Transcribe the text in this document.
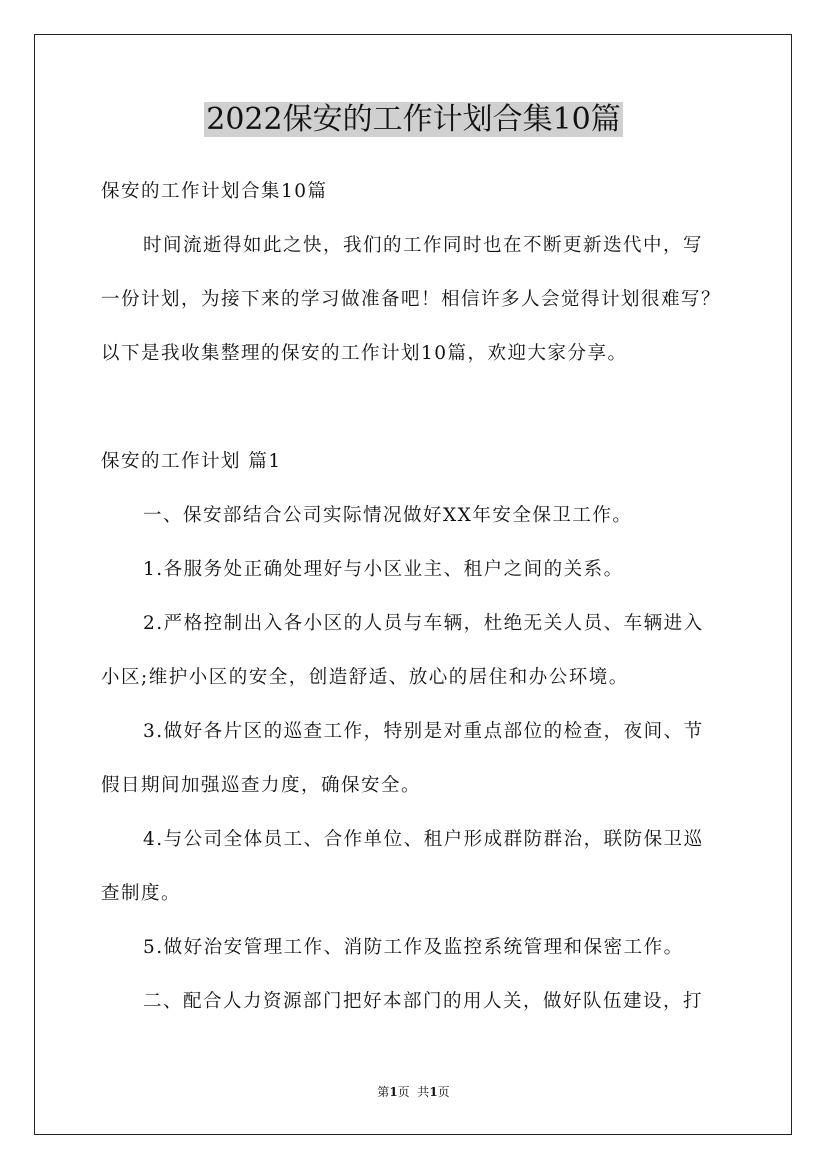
2022保安的工作计划合集10篇
保安的工作计划合集10篇
时间流逝得如此之快，我们的工作同时也在不断更新迭代中，写
一份计划，为接下来的学习做准备吧！相信许多人会觉得计划很难写？
以下是我收集整理的保安的工作计划10篇，欢迎大家分享。
保安的工作计划 篇1
一、保安部结合公司实际情况做好XX年安全保卫工作。
1.各服务处正确处理好与小区业主、租户之间的关系。
2.严格控制出入各小区的人员与车辆，杜绝无关人员、车辆进入
小区;维护小区的安全，创造舒适、放心的居住和办公环境。
3.做好各片区的巡查工作，特别是对重点部位的检查，夜间、节
假日期间加强巡查力度，确保安全。
4.与公司全体员工、合作单位、租户形成群防群治，联防保卫巡
查制度。
5.做好治安管理工作、消防工作及监控系统管理和保密工作。
二、配合人力资源部门把好本部门的用人关，做好队伍建设，打
第1页  共1页
